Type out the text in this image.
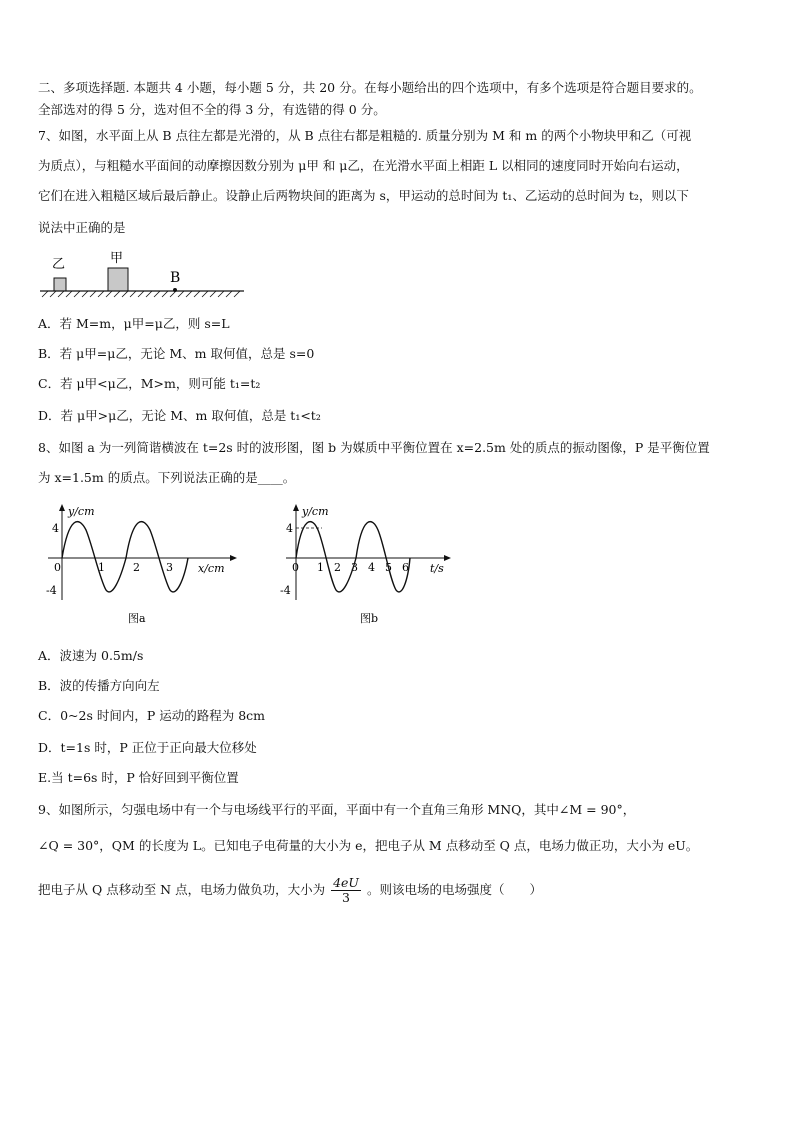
二、多项选择题. 本题共 4 小题，每小题 5 分，共 20 分。在每小题给出的四个选项中，有多个选项是符合题目要求的。
全部选对的得 5 分，选对但不全的得 3 分，有选错的得 0 分。
7、如图，水平面上从 B 点往左都是光滑的，从 B 点往右都是粗糙的. 质量分别为 M 和 m 的两个小物块甲和乙（可视
为质点），与粗糙水平面间的动摩擦因数分别为 μ甲 和 μ乙，在光滑水平面上相距 L 以相同的速度同时开始向右运动，
它们在进入粗糙区域后最后静止。设静止后两物块间的距离为 s，甲运动的总时间为 t₁、乙运动的总时间为 t₂，则以下
说法中正确的是
乙	甲
B
A．若 M=m，μ甲=μ乙，则 s=L
B．若 μ甲=μ乙，无论 M、m 取何值，总是 s=0
C．若 μ甲<μ乙，M>m，则可能 t₁=t₂
D．若 μ甲>μ乙，无论 M、m 取何值，总是 t₁<t₂
8、如图 a 为一列简谐横波在 t=2s 时的波形图，图 b 为媒质中平衡位置在 x=2.5m 处的质点的振动图像，P 是平衡位置
为 x=1.5m 的质点。下列说法正确的是____。
y/cm
x/cm
4
-4
0	1	2 3
图a
y/cm
t/s
4
-4
0 1 2 3 4 5 6
图b
A．波速为 0.5m/s
B．波的传播方向向左
C．0~2s 时间内，P 运动的路程为 8cm
D．t=1s 时，P 正位于正向最大位移处
E.当 t=6s 时，P 恰好回到平衡位置
9、如图所示，匀强电场中有一个与电场线平行的平面，平面中有一个直角三角形 MNQ，其中∠M = 90°，
∠Q = 30°，QM 的长度为 L。已知电子电荷量的大小为 e，把电子从 M 点移动至 Q 点，电场力做正功，大小为 eU。
把电子从 Q 点移动至 N 点，电场力做负功，大小为 $\frac{4eU}{3}$ 。则该电场的电场强度（　　）
